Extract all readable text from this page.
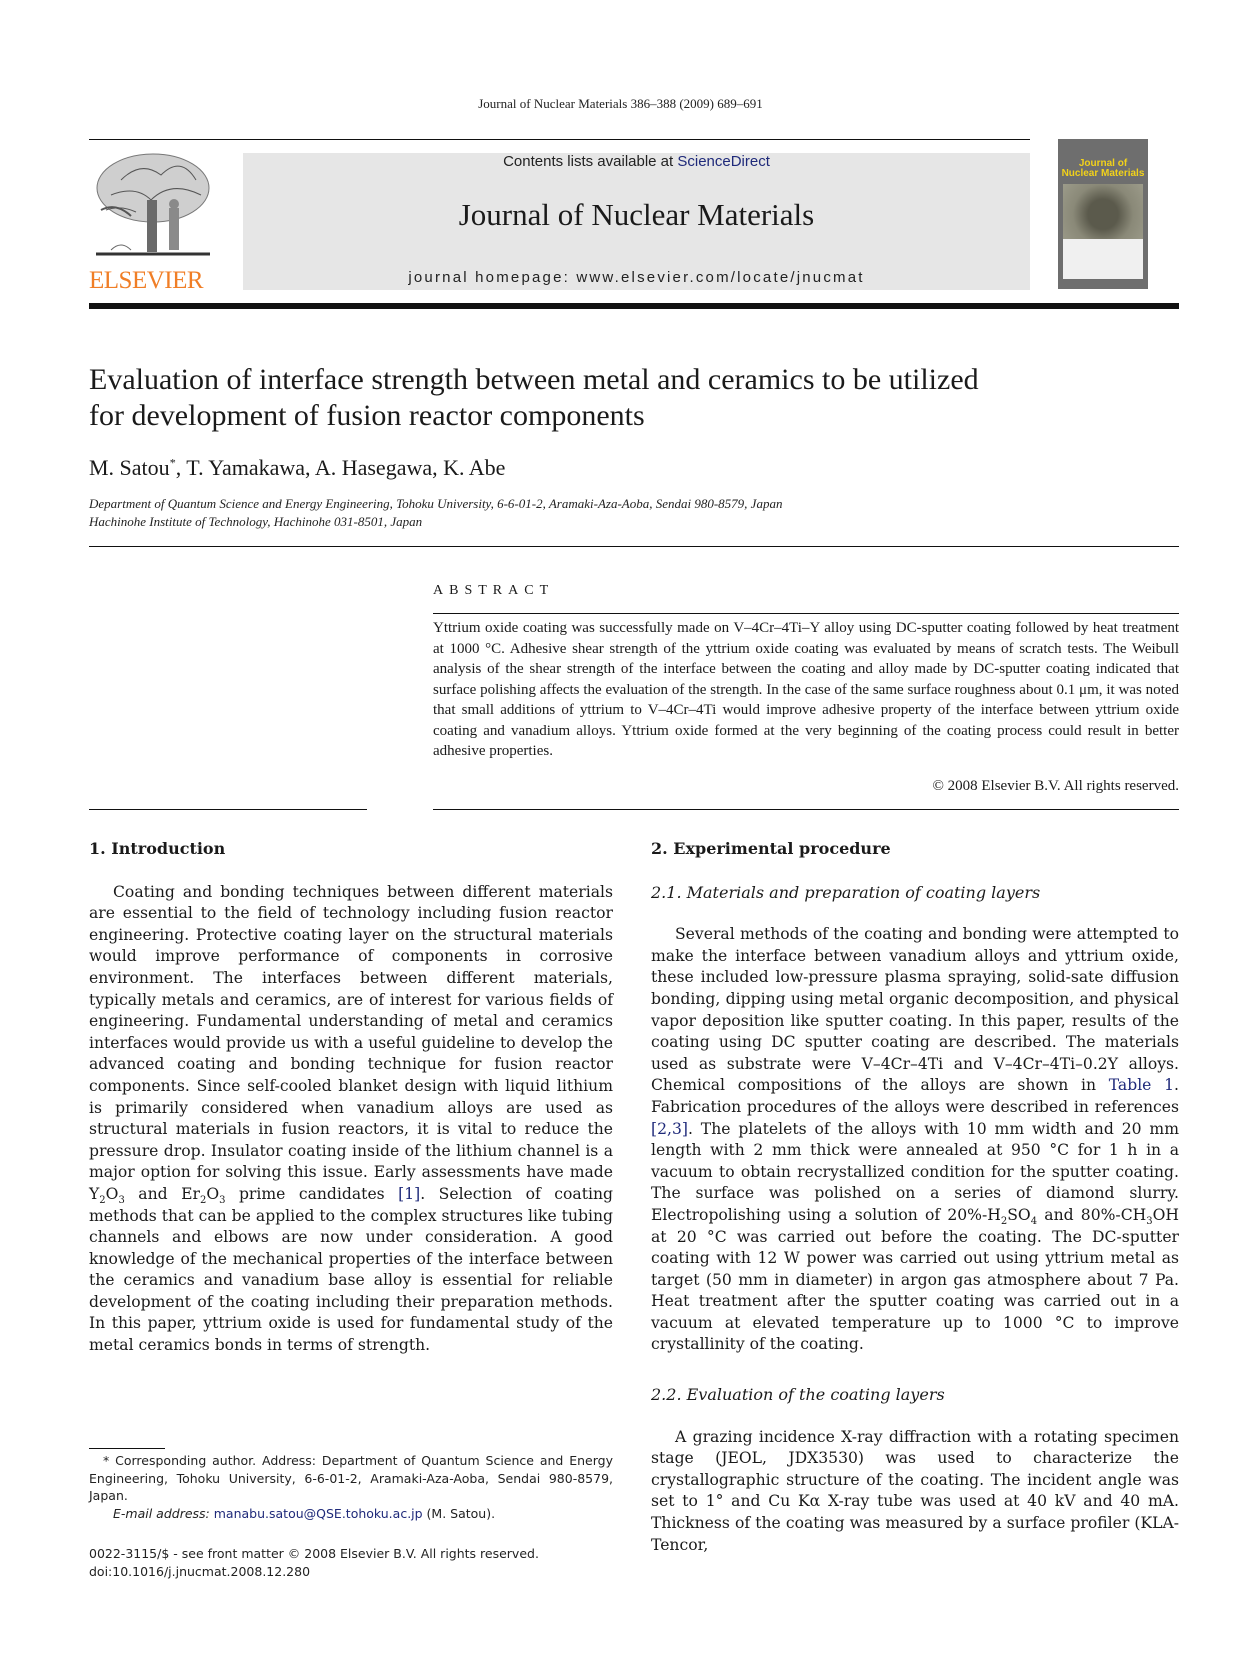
Journal of Nuclear Materials 386–388 (2009) 689–691
ELSEVIER
Contents lists available at ScienceDirect
Journal of Nuclear Materials
journal homepage: www.elsevier.com/locate/jnucmat
Journal of
Nuclear Materials
Evaluation of interface strength between metal and ceramics to be utilized
for development of fusion reactor components
M. Satou*, T. Yamakawa, A. Hasegawa, K. Abe
Department of Quantum Science and Energy Engineering, Tohoku University, 6-6-01-2, Aramaki-Aza-Aoba, Sendai 980-8579, Japan
Hachinohe Institute of Technology, Hachinohe 031-8501, Japan
ABSTRACT
Yttrium oxide coating was successfully made on V–4Cr–4Ti–Y alloy using DC-sputter coating followed by heat treatment at 1000 °C. Adhesive shear strength of the yttrium oxide coating was evaluated by means of scratch tests. The Weibull analysis of the shear strength of the interface between the coating and alloy made by DC-sputter coating indicated that surface polishing affects the evaluation of the strength. In the case of the same surface roughness about 0.1 μm, it was noted that small additions of yttrium to V–4Cr–4Ti would improve adhesive property of the interface between yttrium oxide coating and vanadium alloys. Yttrium oxide formed at the very beginning of the coating process could result in better adhesive properties.
© 2008 Elsevier B.V. All rights reserved.
1. Introduction

Coating and bonding techniques between different materials are essential to the field of technology including fusion reactor engineering. Protective coating layer on the structural materials would improve performance of components in corrosive environment. The interfaces between different materials, typically metals and ceramics, are of interest for various fields of engineering. Fundamental understanding of metal and ceramics interfaces would provide us with a useful guideline to develop the advanced coating and bonding technique for fusion reactor components. Since self-cooled blanket design with liquid lithium is primarily considered when vanadium alloys are used as structural materials in fusion reactors, it is vital to reduce the pressure drop. Insulator coating inside of the lithium channel is a major option for solving this issue. Early assessments have made $Y_2O_3$ and $Er_2O_3$ prime candidates [1]. Selection of coating methods that can be applied to the complex structures like tubing channels and elbows are now under consideration. A good knowledge of the mechanical properties of the interface between the ceramics and vanadium base alloy is essential for reliable development of the coating including their preparation methods. In this paper, yttrium oxide is used for fundamental study of the metal ceramics bonds in terms of strength.

2. Experimental procedure
2.1. Materials and preparation of coating layers

Several methods of the coating and bonding were attempted to make the interface between vanadium alloys and yttrium oxide, these included low-pressure plasma spraying, solid-sate diffusion bonding, dipping using metal organic decomposition, and physical vapor deposition like sputter coating. In this paper, results of the coating using DC sputter coating are described. The materials used as substrate were V–4Cr–4Ti and V–4Cr–4Ti–0.2Y alloys. Chemical compositions of the alloys are shown in Table 1. Fabrication procedures of the alloys were described in references [2,3]. The platelets of the alloys with 10 mm width and 20 mm length with 2 mm thick were annealed at 950 °C for 1 h in a vacuum to obtain recrystallized condition for the sputter coating. The surface was polished on a series of diamond slurry. Electropolishing using a solution of $20\%-H_2SO_4$ and $80\%-CH_3OH$ at 20 °C was carried out before the coating. The DC-sputter coating with 12 W power was carried out using yttrium metal as target (50 mm in diameter) in argon gas atmosphere about 7 Pa. Heat treatment after the sputter coating was carried out in a vacuum at elevated temperature up to 1000 °C to improve crystallinity of the coating.

2.2. Evaluation of the coating layers

A grazing incidence X-ray diffraction with a rotating specimen stage (JEOL, JDX3530) was used to characterize the crystallographic structure of the coating. The incident angle was set to 1° and Cu Kα X-ray tube was used at 40 kV and 40 mA. Thickness of the coating was measured by a surface profiler (KLA-Tencor,

* Corresponding author. Address: Department of Quantum Science and Energy Engineering, Tohoku University, 6-6-01-2, Aramaki-Aza-Aoba, Sendai 980-8579, Japan.
E-mail address: manabu.satou@QSE.tohoku.ac.jp (M. Satou).
0022-3115/$ - see front matter © 2008 Elsevier B.V. All rights reserved.
doi:10.1016/j.jnucmat.2008.12.280
